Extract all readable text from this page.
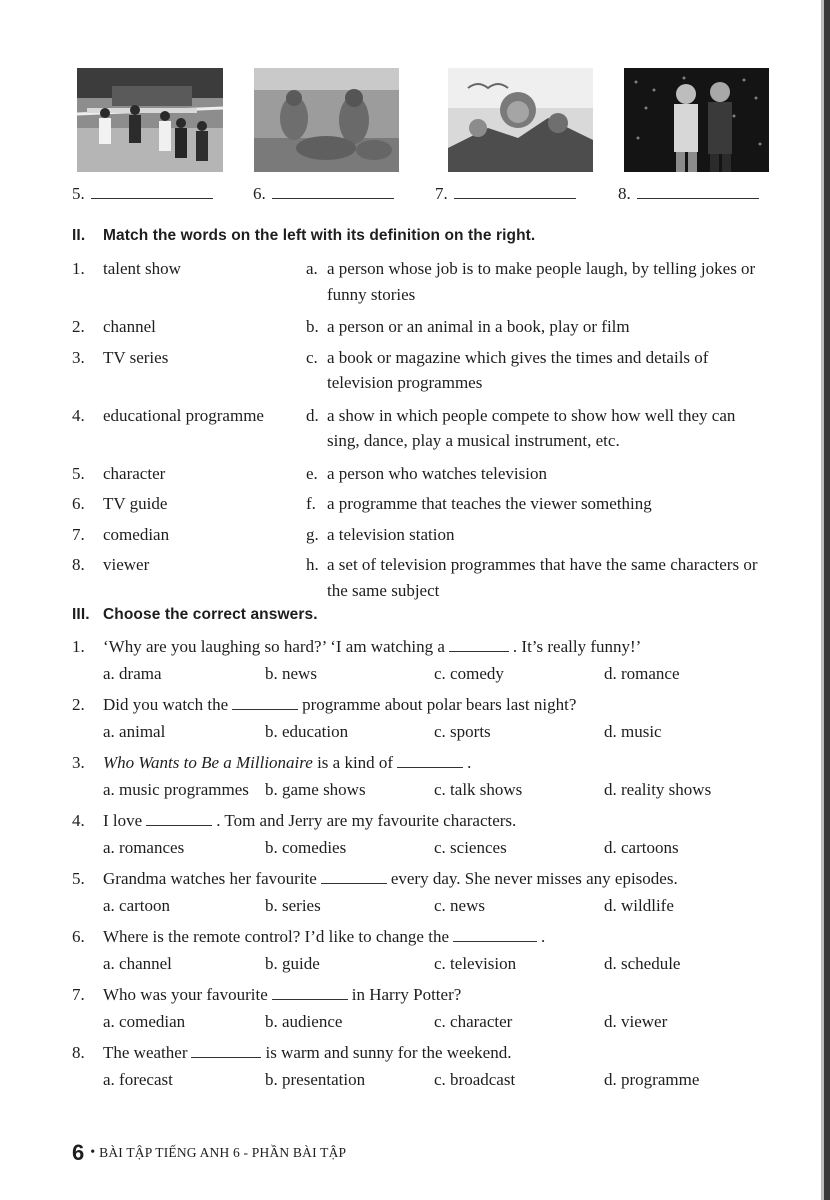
5.	6.	7.	8.
II. Match the words on the left with its definition on the right.
1.	talent show	a. a person whose job is to make people laugh, by telling jokes or funny stories
2.	channel	b. a person or an animal in a book, play or film
3.	TV series	c. a book or magazine which gives the times and details of television programmes
4.	educational programme	d. a show in which people compete to show how well they can sing, dance, play a musical instrument, etc.
5.	character	e. a person who watches television
6.	TV guide	f. a programme that teaches the viewer something
7.	comedian	g. a television station
8.	viewer	h. a set of television programmes that have the same characters or the same subject
III. Choose the correct answers.
1.	‘Why are you laughing so hard?’ ‘I am watching a	. It’s really funny!’
a. drama	b. news	c. comedy	d. romance
2.	Did you watch the	programme about polar bears last night?
a. animal	b. education	c. sports	d. music
3.	Who Wants to Be a Millionaire is a kind of	.
a. music programmes b. game shows	c. talk shows	d. reality shows
4.	I love	. Tom and Jerry are my favourite characters.
a. romances	b. comedies	c. sciences	d. cartoons
5.	Grandma watches her favourite	every day. She never misses any episodes.
a. cartoon	b. series	c. news	d. wildlife
6.	Where is the remote control? I’d like to change the	.
a. channel	b. guide	c. television	d. schedule
7.	Who was your favourite	in Harry Potter?
a. comedian	b. audience	c. character	d. viewer
8.	The weather	is warm and sunny for the weekend.
a. forecast	b. presentation	c. broadcast	d. programme
6 • BÀI TẬP TIẾNG ANH 6 - PHẦN BÀI TẬP
